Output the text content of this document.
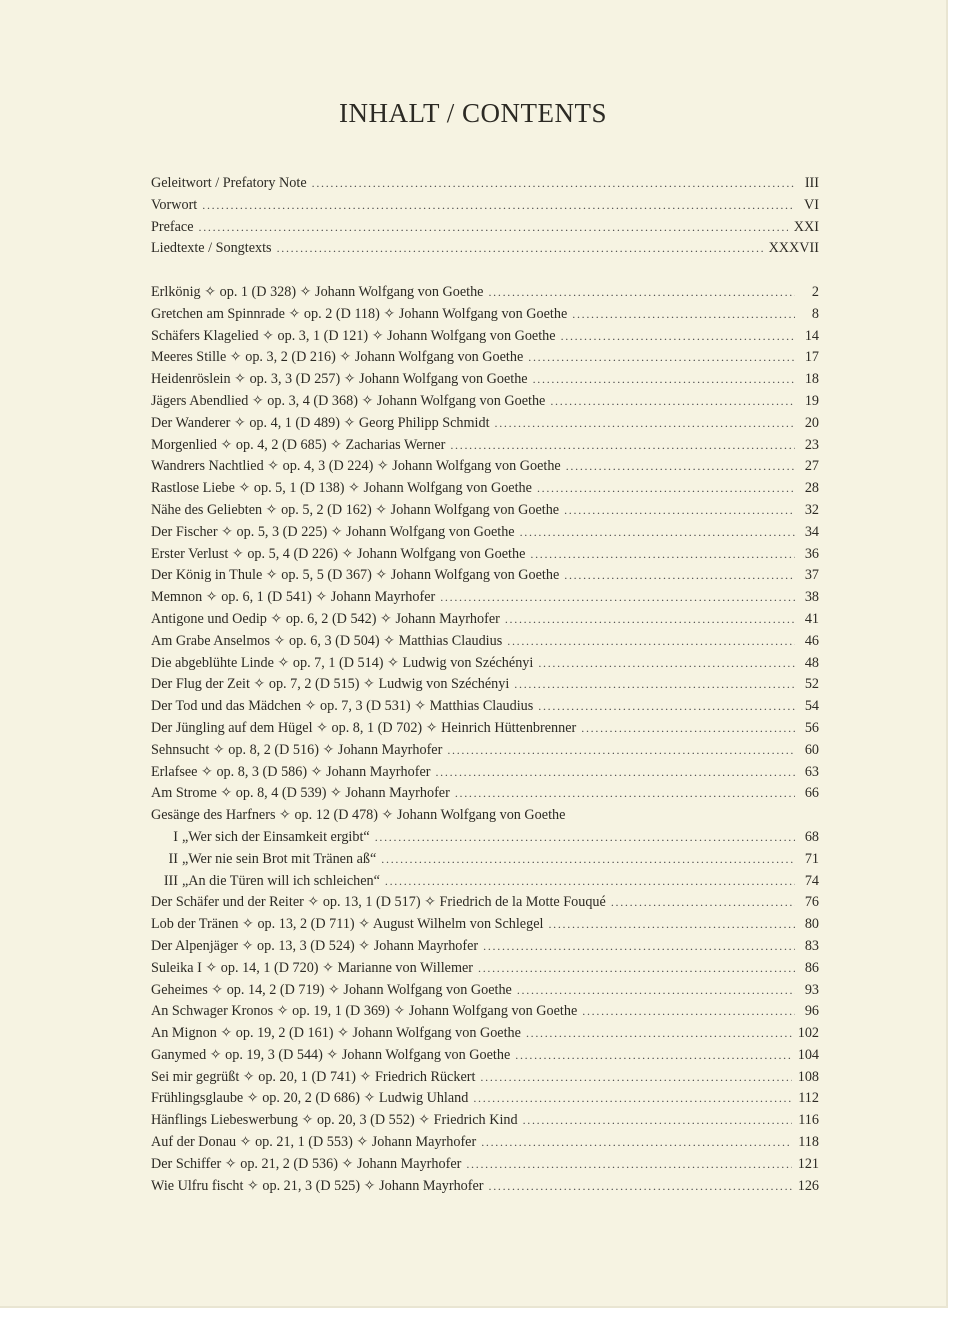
INHALT / CONTENTS
Geleitwort / Prefatory Note .....	III
Vorwort .....	VI
Preface .....	XXI
Liedtexte / Songtexts .....	XXXVII
Erlkönig ✧ op. 1 (D 328) ✧ Johann Wolfgang von Goethe .....	2
Gretchen am Spinnrade ✧ op. 2 (D 118) ✧ Johann Wolfgang von Goethe .....	8
Schäfers Klagelied ✧ op. 3, 1 (D 121) ✧ Johann Wolfgang von Goethe .....	14
Meeres Stille ✧ op. 3, 2 (D 216) ✧ Johann Wolfgang von Goethe .....	17
Heidenröslein ✧ op. 3, 3 (D 257) ✧ Johann Wolfgang von Goethe .....	18
Jägers Abendlied ✧ op. 3, 4 (D 368) ✧ Johann Wolfgang von Goethe .....	19
Der Wanderer ✧ op. 4, 1 (D 489) ✧ Georg Philipp Schmidt .....	20
Morgenlied ✧ op. 4, 2 (D 685) ✧ Zacharias Werner .....	23
Wandrers Nachtlied ✧ op. 4, 3 (D 224) ✧ Johann Wolfgang von Goethe .....	27
Rastlose Liebe ✧ op. 5, 1 (D 138) ✧ Johann Wolfgang von Goethe .....	28
Nähe des Geliebten ✧ op. 5, 2 (D 162) ✧ Johann Wolfgang von Goethe .....	32
Der Fischer ✧ op. 5, 3 (D 225) ✧ Johann Wolfgang von Goethe .....	34
Erster Verlust ✧ op. 5, 4 (D 226) ✧ Johann Wolfgang von Goethe .....	36
Der König in Thule ✧ op. 5, 5 (D 367) ✧ Johann Wolfgang von Goethe .....	37
Memnon ✧ op. 6, 1 (D 541) ✧ Johann Mayrhofer .....	38
Antigone und Oedip ✧ op. 6, 2 (D 542) ✧ Johann Mayrhofer .....	41
Am Grabe Anselmos ✧ op. 6, 3 (D 504) ✧ Matthias Claudius .....	46
Die abgeblühte Linde ✧ op. 7, 1 (D 514) ✧ Ludwig von Széchényi .....	48
Der Flug der Zeit ✧ op. 7, 2 (D 515) ✧ Ludwig von Széchényi .....	52
Der Tod und das Mädchen ✧ op. 7, 3 (D 531) ✧ Matthias Claudius .....	54
Der Jüngling auf dem Hügel ✧ op. 8, 1 (D 702) ✧ Heinrich Hüttenbrenner .....	56
Sehnsucht ✧ op. 8, 2 (D 516) ✧ Johann Mayrhofer .....	60
Erlafsee ✧ op. 8, 3 (D 586) ✧ Johann Mayrhofer .....	63
Am Strome ✧ op. 8, 4 (D 539) ✧ Johann Mayrhofer .....	66
Gesänge des Harfners ✧ op. 12 (D 478) ✧ Johann Wolfgang von Goethe
I „Wer sich der Einsamkeit ergibt“ .....	68
II „Wer nie sein Brot mit Tränen aß“ .....	71
III „An die Türen will ich schleichen“ .....	74
Der Schäfer und der Reiter ✧ op. 13, 1 (D 517) ✧ Friedrich de la Motte Fouqué .....	76
Lob der Tränen ✧ op. 13, 2 (D 711) ✧ August Wilhelm von Schlegel .....	80
Der Alpenjäger ✧ op. 13, 3 (D 524) ✧ Johann Mayrhofer .....	83
Suleika I ✧ op. 14, 1 (D 720) ✧ Marianne von Willemer .....	86
Geheimes ✧ op. 14, 2 (D 719) ✧ Johann Wolfgang von Goethe .....	93
An Schwager Kronos ✧ op. 19, 1 (D 369) ✧ Johann Wolfgang von Goethe .....	96
An Mignon ✧ op. 19, 2 (D 161) ✧ Johann Wolfgang von Goethe .....	102
Ganymed ✧ op. 19, 3 (D 544) ✧ Johann Wolfgang von Goethe .....	104
Sei mir gegrüßt ✧ op. 20, 1 (D 741) ✧ Friedrich Rückert .....	108
Frühlingsglaube ✧ op. 20, 2 (D 686) ✧ Ludwig Uhland .....	112
Hänflings Liebeswerbung ✧ op. 20, 3 (D 552) ✧ Friedrich Kind .....	116
Auf der Donau ✧ op. 21, 1 (D 553) ✧ Johann Mayrhofer .....	118
Der Schiffer ✧ op. 21, 2 (D 536) ✧ Johann Mayrhofer .....	121
Wie Ulfru fischt ✧ op. 21, 3 (D 525) ✧ Johann Mayrhofer .....	126
